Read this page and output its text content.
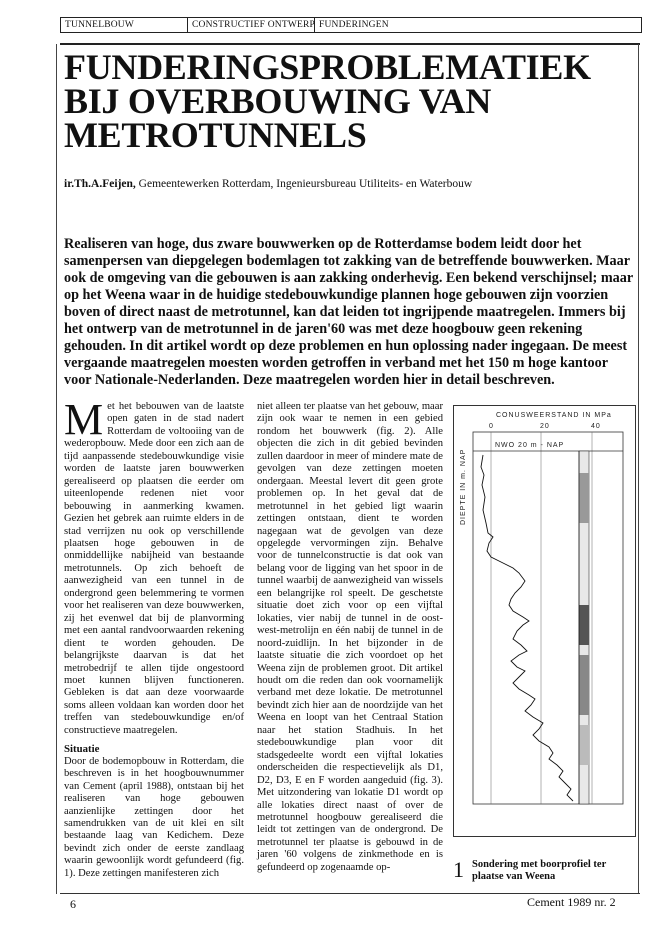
TUNNELBOUW	CONSTRUCTIEF ONTWERP FUNDERINGEN
FUNDERINGSPROBLEMATIEK
BIJ OVERBOUWING VAN
METROTUNNELS
ir.Th.A.Feijen, Gemeentewerken Rotterdam, Ingenieursbureau Utiliteits- en Waterbouw
Realiseren van hoge, dus zware bouwwerken op de Rotterdamse bodem leidt door het samenpersen van diepgelegen bodemlagen tot zakking van de betreffende bouwwerken. Maar ook de omgeving van die gebouwen is aan zakking onderhevig. Een bekend verschijnsel; maar op het Weena waar in de huidige stedebouwkundige plannen hoge gebouwen zijn voorzien boven of direct naast de metrotunnel, kan dat leiden tot ingrijpende maatregelen. Immers bij het ontwerp van de metrotunnel in de jaren'60 was met deze hoogbouw geen rekening gehouden. In dit artikel wordt op deze problemen en hun oplossing nader ingegaan. De meest vergaande maatregelen moesten worden getroffen in verband met het 150 m hoge kantoor voor Nationale-Nederlanden. Deze maatregelen worden hier in detail beschreven.

Met het bebouwen van de laatste open gaten in de stad nadert Rotterdam de voltooiing van de wederopbouw. Mede door een zich aan de tijd aanpassende stedebouwkundige visie worden de laatste jaren bouwwerken gerealiseerd op plaatsen die eerder om uiteenlopende redenen niet voor bebouwing in aanmerking kwamen. Gezien het gebrek aan ruimte elders in de stad verrijzen nu ook op verschillende plaatsen hoge gebouwen in de onmiddellijke nabijheid van bestaande metrotunnels. Op zich behoeft de aanwezigheid van een tunnel in de ondergrond geen belemmering te vormen voor het realiseren van deze bouwwerken, zij het evenwel dat bij de planvorming met een aantal randvoorwaarden rekening dient te worden gehouden. De belangrijkste daarvan is dat het metrobedrijf te allen tijde ongestoord moet kunnen blijven functioneren. Gebleken is dat aan deze voorwaarde soms alleen voldaan kan worden door het treffen van stedebouwkundige en/of constructieve maatregelen.

Situatie

Door de bodemopbouw in Rotterdam, die beschreven is in het hoogbouwnummer van Cement (april 1988), ontstaan bij het realiseren van hoge gebouwen aanzienlijke zettingen door het samendrukken van de uit klei en silt bestaande laag van Kedichem. Deze bevindt zich onder de eerste zandlaag waarin gewoonlijk wordt gefundeerd (fig. 1). Deze zettingen manifesteren zich

niet alleen ter plaatse van het gebouw, maar zijn ook waar te nemen in een gebied rondom het bouwwerk (fig. 2). Alle objecten die zich in dit gebied bevinden zullen daardoor in meer of mindere mate de gevolgen van deze zettingen moeten ondergaan. Meestal levert dit geen grote problemen op. In het geval dat de metrotunnel in het gebied ligt waarin zettingen ontstaan, dient te worden nagegaan wat de gevolgen van deze opgelegde vervormingen zijn. Behalve voor de tunnelconstructie is dat ook van belang voor de ligging van het spoor in de tunnel waarbij de aanwezigheid van wissels een belangrijke rol speelt. De geschetste situatie doet zich voor op een vijftal lokaties, vier nabij de tunnel in de oost-west-metrolijn en één nabij de tunnel in de noord-zuidlijn. In het bijzonder in de laatste situatie die zich voordoet op het Weena zijn de problemen groot. Dit artikel houdt om die reden dan ook voornamelijk verband met deze lokatie. De metrotunnel bevindt zich hier aan de noordzijde van het Weena en loopt van het Centraal Station naar het station Stadhuis. In het stedebouwkundige plan voor dit stadsgedeelte wordt een vijftal lokaties onderscheiden die respectievelijk als D1, D2, D3, E en F worden aangeduid (fig. 3). Met uitzondering van lokatie D1 wordt op alle lokaties direct naast of over de metrotunnel hoogbouw gerealiseerd die leidt tot zettingen van de ondergrond. De metrotunnel ter plaatse is gebouwd in de jaren '60 volgens de zinkmethode en is gefundeerd op zogenaamde op-

CONUSWEERSTAND IN MPa
0	20	40
NWO 20 m - NAP
DIEPTE IN m. NAP
1 Sondering met boorprofiel ter plaatse van Weena
6	Cement 1989 nr. 2
